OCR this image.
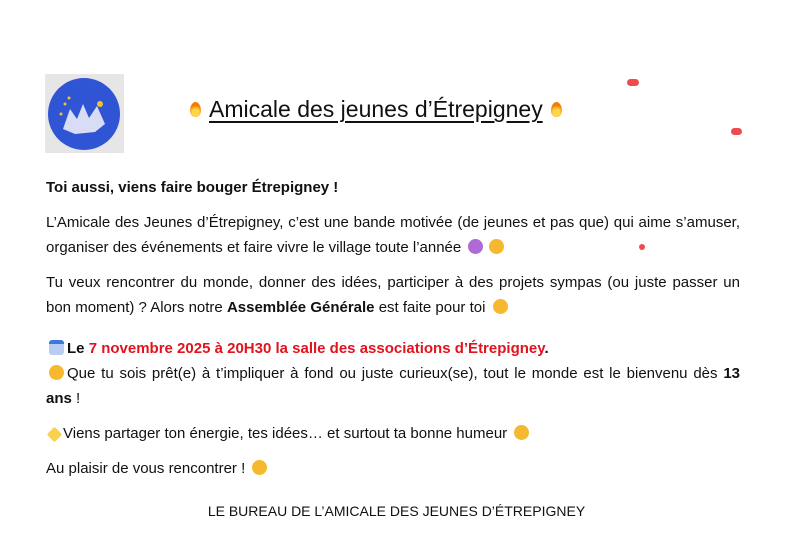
Amicale des jeunes d’Étrepigney

Toi aussi, viens faire bouger Étrepigney !

L’Amicale des Jeunes d’Étrepigney, c’est une bande motivée (de jeunes et pas que) qui aime s’amuser, organiser des événements et faire vivre le village toute l’année

Tu veux rencontrer du monde, donner des idées, participer à des projets sympas (ou juste passer un bon moment) ? Alors notre Assemblée Générale est faite pour toi

Le 7 novembre 2025 à 20H30 la salle des associations d’Étrepigney.

Que tu sois prêt(e) à t’impliquer à fond ou juste curieux(se), tout le monde est le bienvenu dès 13 ans !

Viens partager ton énergie, tes idées… et surtout ta bonne humeur

Au plaisir de vous rencontrer !

LE BUREAU DE L’AMICALE DES JEUNES D’ÉTREPIGNEY
